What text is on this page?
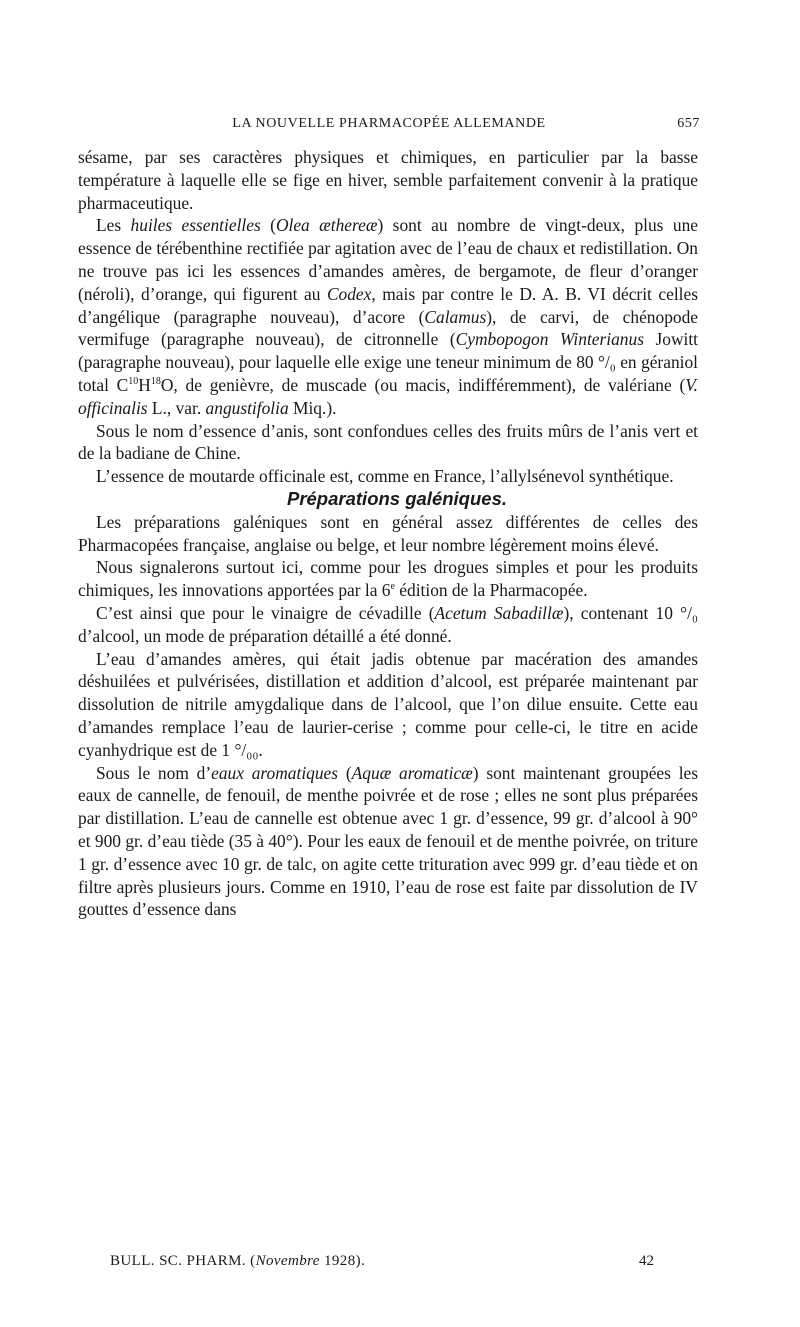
LA NOUVELLE PHARMACOPÉE ALLEMANDE	657

sésame, par ses caractères physiques et chimiques, en particulier par la basse température à laquelle elle se fige en hiver, semble parfaitement convenir à la pratique pharmaceutique.

Les huiles essentielles (Olea æthereæ) sont au nombre de vingt-deux, plus une essence de térébenthine rectifiée par agitation avec de l’eau de chaux et redistillation. On ne trouve pas ici les essences d’amandes amères, de bergamote, de fleur d’oranger (néroli), d’orange, qui figurent au Codex, mais par contre le D. A. B. VI décrit celles d’angélique (paragraphe nouveau), d’acore (Calamus), de carvi, de chénopode vermifuge (paragraphe nouveau), de citronnelle (Cymbopogon Winterianus Jowitt (paragraphe nouveau), pour laquelle elle exige une teneur minimum de 80 °/₀ en géraniol total $C^{10}H^{18}O$, de genièvre, de muscade (ou macis, indifféremment), de valériane (V. officinalis L., var. angustifolia Miq.).

Sous le nom d’essence d’anis, sont confondues celles des fruits mûrs de l’anis vert et de la badiane de Chine.

L’essence de moutarde officinale est, comme en France, l’allylsénevol synthétique.

Préparations galéniques.

Les préparations galéniques sont en général assez différentes de celles des Pharmacopées française, anglaise ou belge, et leur nombre légèrement moins élevé.

Nous signalerons surtout ici, comme pour les drogues simples et pour les produits chimiques, les innovations apportées par la 6e édition de la Pharmacopée.

C’est ainsi que pour le vinaigre de cévadille (Acetum Sabadillæ), contenant 10 °/₀ d’alcool, un mode de préparation détaillé a été donné.

L’eau d’amandes amères, qui était jadis obtenue par macération des amandes déshuilées et pulvérisées, distillation et addition d’alcool, est préparée maintenant par dissolution de nitrile amygdalique dans de l’alcool, que l’on dilue ensuite. Cette eau d’amandes remplace l’eau de laurier-cerise ; comme pour celle-ci, le titre en acide cyanhydrique est de 1 °/₀₀.

Sous le nom d’eaux aromatiques (Aquæ aromaticæ) sont maintenant groupées les eaux de cannelle, de fenouil, de menthe poivrée et de rose ; elles ne sont plus préparées par distillation. L’eau de cannelle est obtenue avec 1 gr. d’essence, 99 gr. d’alcool à 90° et 900 gr. d’eau tiède (35 à 40°). Pour les eaux de fenouil et de menthe poivrée, on triture 1 gr. d’essence avec 10 gr. de talc, on agite cette trituration avec 999 gr. d’eau tiède et on filtre après plusieurs jours. Comme en 1910, l’eau de rose est faite par dissolution de IV gouttes d’essence dans

BULL. SC. PHARM. (Novembre 1928).	42
